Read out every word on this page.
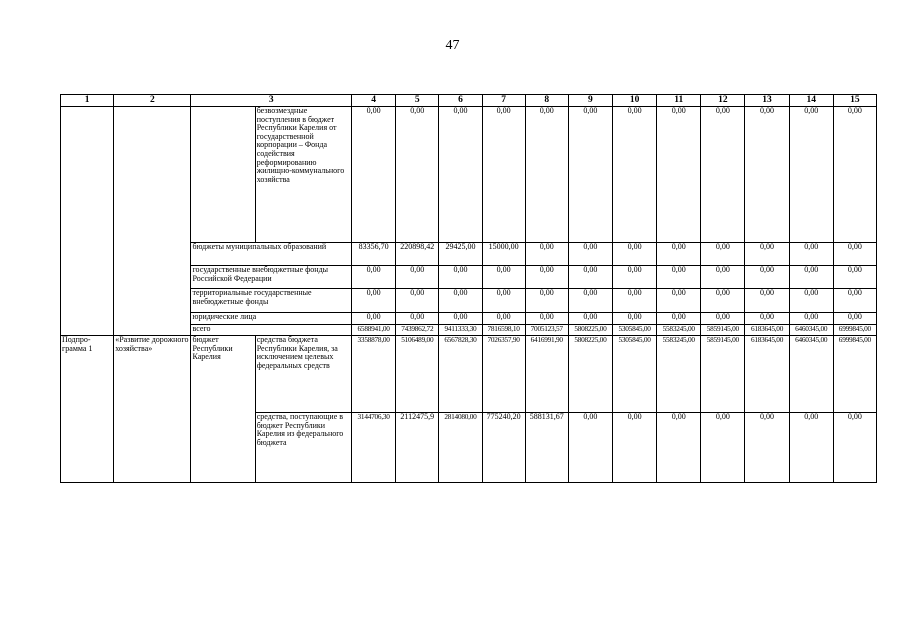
47
1	2	3		4	5	6	7	8	9	10	11	12	13	14	15
			безвозмездные поступления в бюджет Республики Карелия от государственной корпорации – Фонда содействия реформированию жилищно-коммунального хозяйства	0,00	0,00	0,00	0,00	0,00	0,00	0,00	0,00	0,00	0,00	0,00	0,00
		бюджеты муниципальных образований		83356,70	220898,42	29425,00	15000,00	0,00	0,00	0,00	0,00	0,00	0,00	0,00	0,00
		государственные внебюджетные фонды Российской Федерации		0,00	0,00	0,00	0,00	0,00	0,00	0,00	0,00	0,00	0,00	0,00	0,00
		территориальные государственные внебюджетные фонды		0,00	0,00	0,00	0,00	0,00	0,00	0,00	0,00	0,00	0,00	0,00	0,00
		юридические лица		0,00	0,00	0,00	0,00	0,00	0,00	0,00	0,00	0,00	0,00	0,00	0,00
		всего		6588941,00	7439862,72	9411333,30	7816598,10	7005123,57	5808225,00	5305845,00	5583245,00	5859145,00	6183645,00	6460345,00	6999845,00
Подпро-грамма 1	«Развитие дорожного хозяйства»	бюджет Республики Карелия	средства бюджета Республики Карелия, за исключением целевых федеральных средств	3358878,00	5106489,00	6567828,30	7026357,90	6416991,90	5808225,00	5305845,00	5583245,00	5859145,00	6183645,00	6460345,00	6999845,00
			средства, поступающие в бюджет Республики Карелия из федерального бюджета	3144706,30	2112475,9	2814080,00	775240,20	588131,67	0,00	0,00	0,00	0,00	0,00	0,00	0,00
